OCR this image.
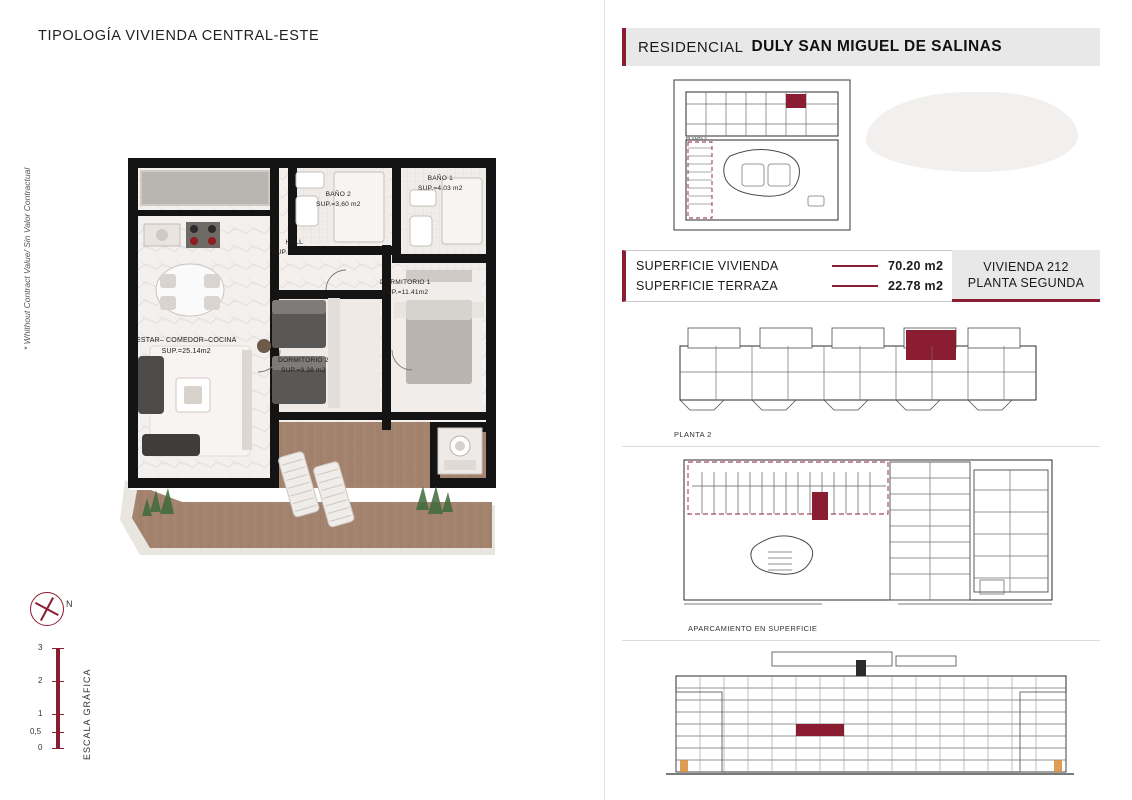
TIPOLOGÍA VIVIENDA CENTRAL-ESTE
* Whithout Contract Value/ Sin Valor Contractual	BAÑO 2
SUP.=3,60 m2
BAÑO 1
SUP.=4.03 m2
HALL
SUP.=4,67 m2
DORMITORIO 1
SUP.=11.41m2
DORMITORIO 2
SUP.=9.38 m2
ESTAR– COMEDOR–COCINA
SUP.=25.14m2
N
3
2
1
0,5
0	ESCALA GRÁFICA
RESIDENCIAL DULY SAN MIGUEL DE SALINAS
PLANTA 3
SUPERFICIE VIVIENDA	70.20 m2
SUPERFICIE TERRAZA	22.78 m2
VIVIENDA 212
PLANTA SEGUNDA
PLANTA 2
APARCAMIENTO EN SUPERFICIE
